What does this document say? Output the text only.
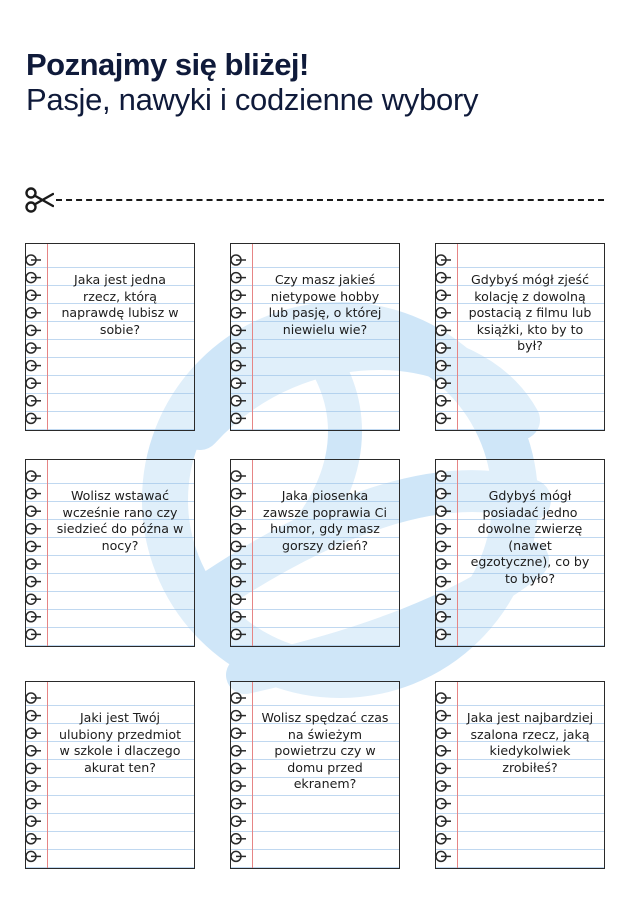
Poznajmy się bliżej!
Pasje, nawyki i codzienne wybory
Jaka jest jedna rzecz, którą naprawdę lubisz w sobie?
Czy masz jakieś nietypowe hobby lub pasję, o której niewielu wie?
Gdybyś mógł zjeść kolację z dowolną postacią z filmu lub książki, kto by to był?
Wolisz wstawać wcześnie rano czy siedzieć do późna w nocy?
Jaka piosenka zawsze poprawia Ci humor, gdy masz gorszy dzień?
Gdybyś mógł posiadać jedno dowolne zwierzę (nawet egzotyczne), co by to było?
Jaki jest Twój ulubiony przedmiot w szkole i dlaczego akurat ten?
Wolisz spędzać czas na świeżym powietrzu czy w domu przed ekranem?
Jaka jest najbardziej szalona rzecz, jaką kiedykolwiek zrobiłeś?
